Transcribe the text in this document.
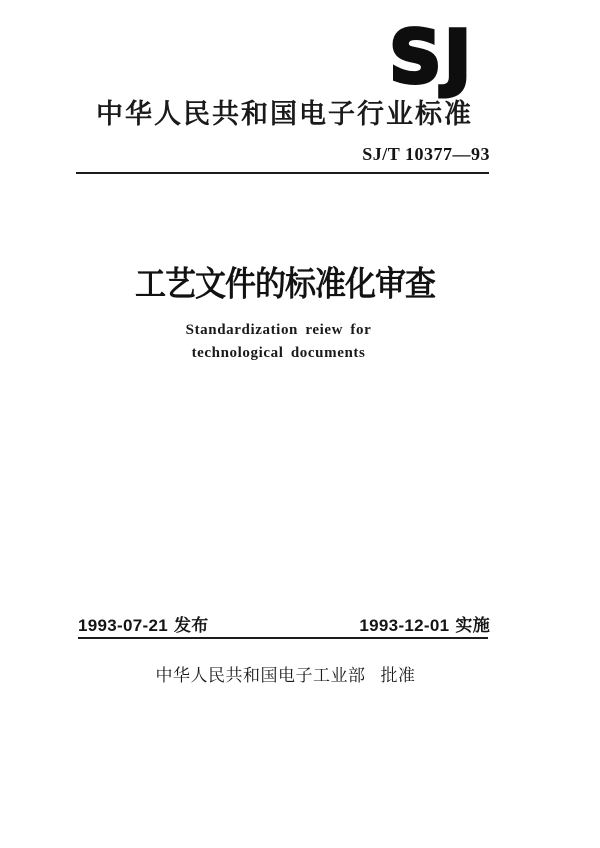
SJ
中华人民共和国电子行业标准
SJ/T 10377—93
工艺文件的标准化审查
Standardization reiew for
technological documents
1993-07-21 发布	1993-12-01 实施
中华人民共和国电子工业部 批准
